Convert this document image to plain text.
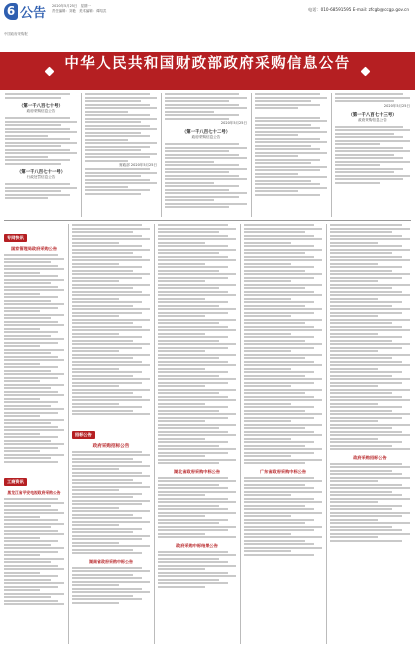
6 公告 2020年5月25日　星期一
责任编辑：刘艳　美术编辑：谭绍武	电话：010-68591595 E-mail: zfcgb@ccgp.gov.cn
中国政府采购报
中华人民共和国财政部政府采购信息公告
（第一千八百七十号）
政府采购信息公告
（第一千八百七十一号）
行政处罚信息公告
财政部 2020年5月25日
2020年5月25日
（第一千八百七十二号）
政府采购信息公告
2020年5月25日
（第一千八百七十三号）
政府采购信息公告
专网快讯
国家管理局政府采购公告
工商资讯
黑龙江省平安电视政府采购公告
招标公告
政府采购招标公告
湖南省政府采购中标公告
湖北省政府采购中标公告
政府采购中标结果公告
广东省政府采购中标公告
政府采购招标公告
